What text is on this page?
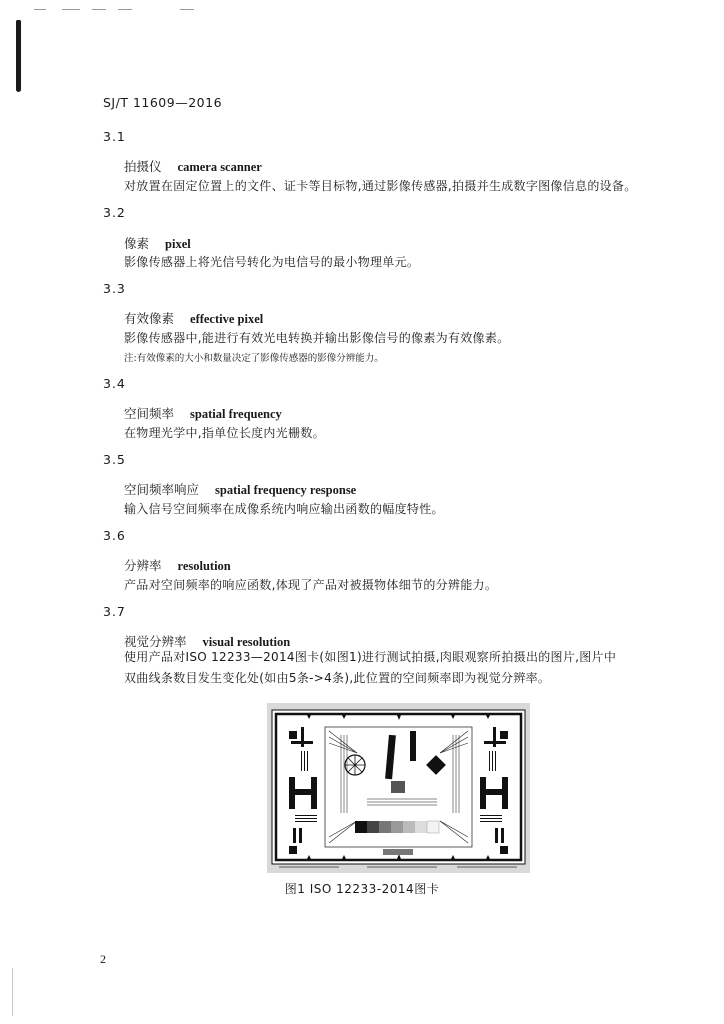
SJ/T 11609—2016
3.1
拍摄仪 camera scanner
对放置在固定位置上的文件、证卡等目标物,通过影像传感器,拍摄并生成数字图像信息的设备。
3.2
像素 pixel
影像传感器上将光信号转化为电信号的最小物理单元。
3.3
有效像素 effective pixel
影像传感器中,能进行有效光电转换并输出影像信号的像素为有效像素。
注:有效像素的大小和数量决定了影像传感器的影像分辨能力。
3.4
空间频率 spatial frequency
在物理光学中,指单位长度内光栅数。
3.5
空间频率响应 spatial frequency response
输入信号空间频率在成像系统内响应输出函数的幅度特性。
3.6
分辨率 resolution
产品对空间频率的响应函数,体现了产品对被摄物体细节的分辨能力。
3.7
视觉分辨率 visual resolution
使用产品对ISO 12233—2014图卡(如图1)进行测试拍摄,肉眼观察所拍摄出的图片,图片中双曲线条数目发生变化处(如由5条->4条),此位置的空间频率即为视觉分辨率。
图1 ISO 12233-2014图卡
2
